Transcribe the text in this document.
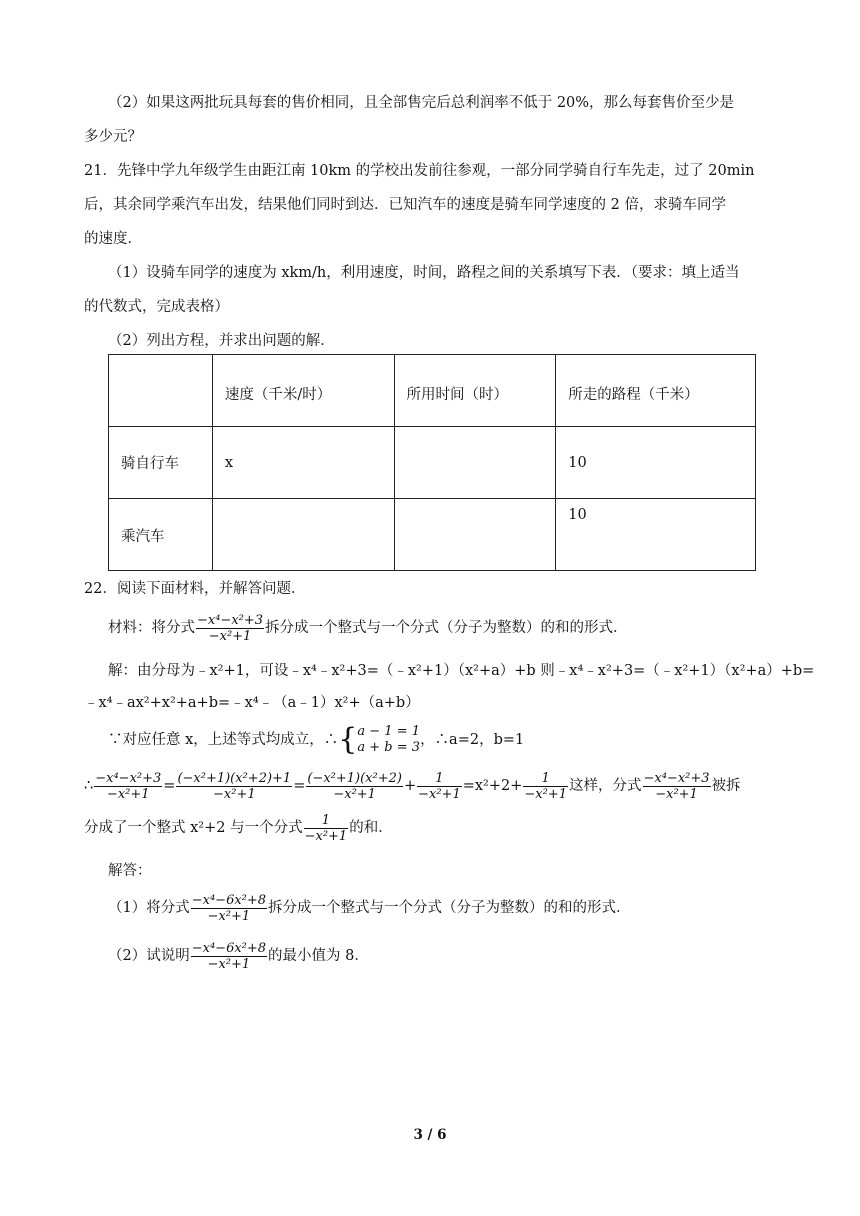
（2）如果这两批玩具每套的售价相同，且全部售完后总利润率不低于 20%，那么每套售价至少是
多少元？
21．先锋中学九年级学生由距江南 10km 的学校出发前往参观，一部分同学骑自行车先走，过了 20min
后，其余同学乘汽车出发，结果他们同时到达．已知汽车的速度是骑车同学速度的 2 倍，求骑车同学
的速度．
（1）设骑车同学的速度为 xkm/h，利用速度，时间，路程之间的关系填写下表．（要求：填上适当
的代数式，完成表格）
（2）列出方程，并求出问题的解．
	速度（千米/时）	所用时间（时）	所走的路程（千米）
骑自行车	x		10
乘汽车			10
22．阅读下面材料，并解答问题．
材料：将分式 $\frac{\text{−x⁴−x²+3}}{\text{−x²+1}}$ 拆分成一个整式与一个分式（分子为整数）的和的形式．
解：由分母为﹣x²+1，可设﹣x⁴﹣x²+3=（﹣x²+1）（x²+a）+b 则﹣x⁴﹣x²+3=（﹣x²+1）（x²+a）+b=
﹣x⁴﹣ax²+x²+a+b=﹣x⁴﹣（a﹣1）x²+（a+b）
∵对应任意 x，上述等式均成立，∴{ a − 1 = 1
a + b = 3 ，∴a=2，b=1
∴ $\frac{\text{−x⁴−x²+3}}{\text{−x²+1}} = \frac{\text{(−x²+1)(x²+2)+1}}{\text{−x²+1}} = \frac{\text{(−x²+1)(x²+2)}}{\text{−x²+1}} + \frac{1}{\text{−x²+1}} =x^2+2+ \frac{1}{\text{−x²+1}}$ 这样，分式 $\frac{\text{−x⁴−x²+3}}{\text{−x²+1}}$ 被拆
分成了一个整式 x²+2 与一个分式 $\frac{1}{\text{−x²+1}}$ 的和．
解答：
（1）将分式 $\frac{\text{−x⁴−6x²+8}}{\text{−x²+1}}$ 拆分成一个整式与一个分式（分子为整数）的和的形式．
（2）试说明 $\frac{\text{−x⁴−6x²+8}}{\text{−x²+1}}$ 的最小值为 8．
3 / 6
